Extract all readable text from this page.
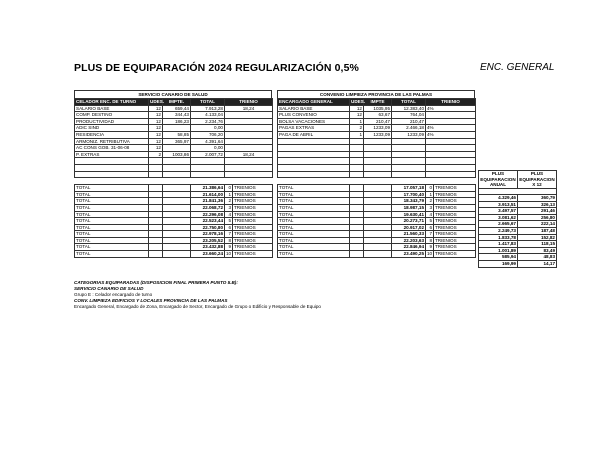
PLUS DE EQUIPARACIÓN 2024 REGULARIZACIÓN 0,5%	ENC. GENERAL
SERVICIO CANARIO DE SALUD
CELADOR ENC. DE TURNO	UDES.	IMPTE.	TOTAL	TRIENIO
SALARIO BASE	12	659,44	7.913,28	18,24
COMP. DESTINO	12	344,43	4.133,04	
PRODUCTIVIDAD	12	186,23	2.234,76	
ADIC SIND	12		0,00	
RESIDENCIA	12	58,85	706,20	
ARMONIZ. RETRIBUTIVA	12	365,97	4.391,64	
AC CONS GOB. 31-06-08	12		0,00	
P. EXTRAS	2	1003,86	2.007,72	18,24

TOTAL			21.386,64	0	TRIENIOS
TOTAL			21.614,00	1	TRIENIOS
TOTAL			21.841,36	2	TRIENIOS
TOTAL			22.068,72	3	TRIENIOS
TOTAL			22.296,08	4	TRIENIOS
TOTAL			22.523,44	5	TRIENIOS
TOTAL			22.750,80	6	TRIENIOS
TOTAL			22.978,16	7	TRIENIOS
TOTAL			23.205,52	8	TRIENIOS
TOTAL			23.432,88	9	TRIENIOS
TOTAL			23.660,24	10	TRIENIOS
CONVENIO LIMPIEZA PROVINCIA DE LAS PALMAS
ENCARGADO GENERAL	UDES.	IMPTE	TOTAL	TRIENIO
SALARIO BASE	12	1035,95	12.383,40	4%
PLUS CONVENIO	12	63,67	764,04	
BOLSA VACACIONES	1	210,47	210,47	
PAGAS EXTRAS	2	1233,09	2.466,18	4%
PAGA DE ABRIL	1	1233,09	1233,09	4%

TOTAL			17.057,18	0	TRIENIOS
TOTAL			17.700,40	1	TRIENIOS
TOTAL			18.343,79	2	TRIENIOS
TOTAL			18.987,15	3	TRIENIOS
TOTAL			19.630,41	4	TRIENIOS
TOTAL			20.273,71	5	TRIENIOS
TOTAL			20.917,02	6	TRIENIOS
TOTAL			21.560,33	7	TRIENIOS
TOTAL			22.203,63	8	TRIENIOS
TOTAL			22.846,94	9	TRIENIOS
TOTAL			23.490,25	10	TRIENIOS
PLUS EQUIPARACION ANUAL	PLUS EQUIPARACION X 12

4.329,46	360,79
3.913,51	326,13
3.497,57	291,46
3.081,62	256,80
2.665,67	222,14
2.249,73	187,48
1.833,78	152,82
1.417,83	118,15
1.001,89	83,49
585,94	48,83
169,99	14,17
CATEGORIAS EQUIPARADAS (DISPOSICION FINAL PRIMERA PUNTO 5.B):
SERVICIO CANARIO DE SALUD
Grupo E : Celador encargado de turno
CONV. LIMPIEZA EDIFICIOS Y LOCALES PROVINCIA DE LAS PALMAS
Encargado General, Encargado de Zona, Encargado de Sector, Encargado de Grupo o Edificio y Responsable de Equipo
